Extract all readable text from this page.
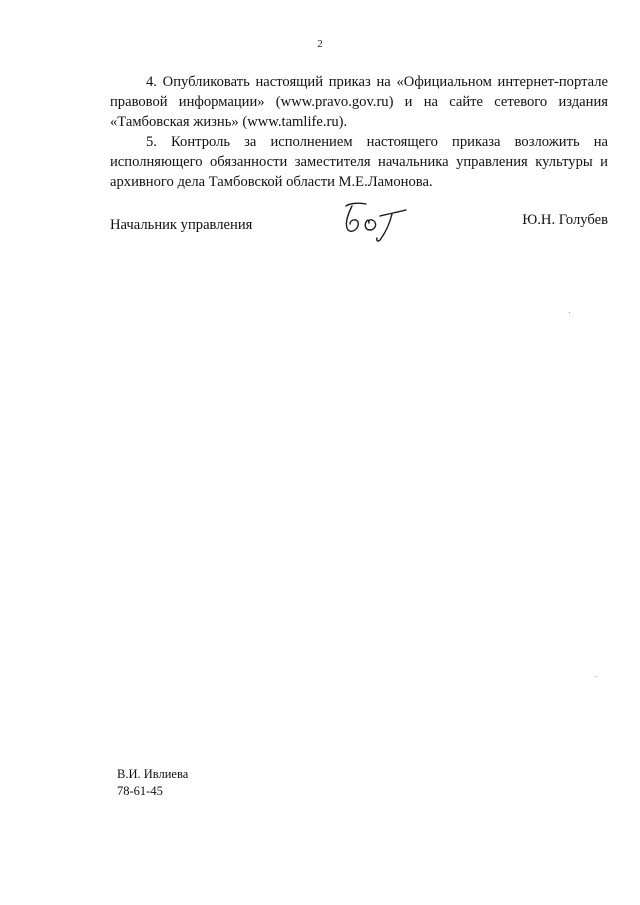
2

4. Опубликовать настоящий приказ на «Официальном интернет-портале правовой информации» (www.pravo.gov.ru) и на сайте сетевого издания «Тамбовская жизнь» (www.tamlife.ru).

5. Контроль за исполнением настоящего приказа возложить на исполняющего обязанности заместителя начальника управления культуры и архивного дела Тамбовской области М.Е.Ламонова.

Начальник управления	Ю.Н. Голубев
В.И. Ивлиева
78-61-45
